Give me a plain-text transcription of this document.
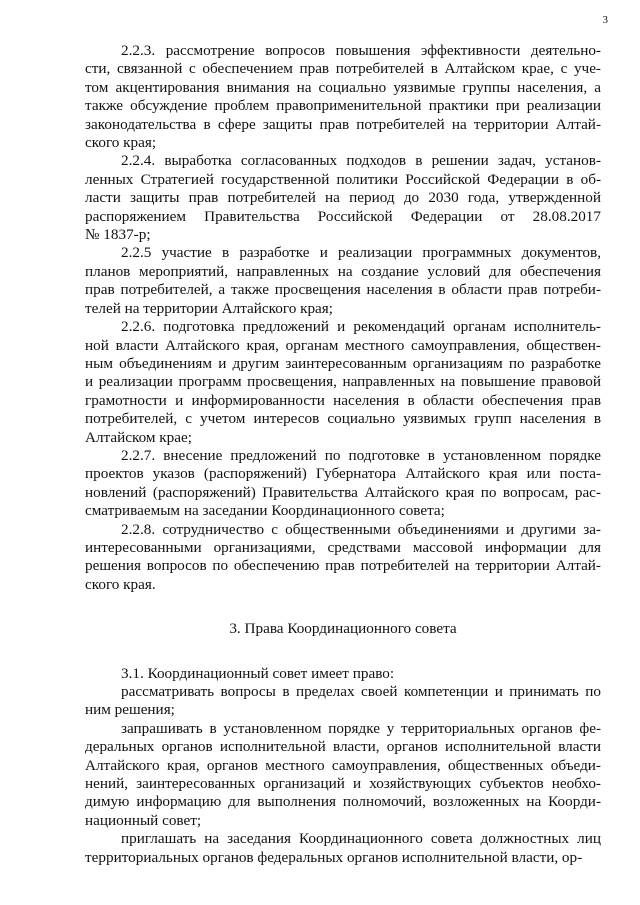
3
2.2.3. рассмотрение вопросов повышения эффективности деятельно-
сти, связанной с обеспечением прав потребителей в Алтайском крае, с уче-
том акцентирования внимания на социально уязвимые группы населения, а
также обсуждение проблем правоприменительной практики при реализации
законодательства в сфере защиты прав потребителей на территории Алтай-
ского края;
2.2.4. выработка согласованных подходов в решении задач, установ-
ленных Стратегией государственной политики Российской Федерации в об-
ласти защиты прав потребителей на период до 2030 года, утвержденной
распоряжением Правительства Российской Федерации от 28.08.2017
№ 1837-р;
2.2.5 участие в разработке и реализации программных документов,
планов мероприятий, направленных на создание условий для обеспечения
прав потребителей, а также просвещения населения в области прав потреби-
телей на территории Алтайского края;
2.2.6. подготовка предложений и рекомендаций органам исполнитель-
ной власти Алтайского края, органам местного самоуправления, обществен-
ным объединениям и другим заинтересованным организациям по разработке
и реализации программ просвещения, направленных на повышение правовой
грамотности и информированности населения в области обеспечения прав
потребителей, с учетом интересов социально уязвимых групп населения в
Алтайском крае;
2.2.7. внесение предложений по подготовке в установленном порядке
проектов указов (распоряжений) Губернатора Алтайского края или поста-
новлений (распоряжений) Правительства Алтайского края по вопросам, рас-
сматриваемым на заседании Координационного совета;
2.2.8. сотрудничество с общественными объединениями и другими за-
интересованными организациями, средствами массовой информации для
решения вопросов по обеспечению прав потребителей на территории Алтай-
ского края.
3. Права Координационного совета
3.1. Координационный совет имеет право:
рассматривать вопросы в пределах своей компетенции и принимать по
ним решения;
запрашивать в установленном порядке у территориальных органов фе-
деральных органов исполнительной власти, органов исполнительной власти
Алтайского края, органов местного самоуправления, общественных объеди-
нений, заинтересованных организаций и хозяйствующих субъектов необхо-
димую информацию для выполнения полномочий, возложенных на Коорди-
национный совет;
приглашать на заседания Координационного совета должностных лиц
территориальных органов федеральных органов исполнительной власти, ор-
